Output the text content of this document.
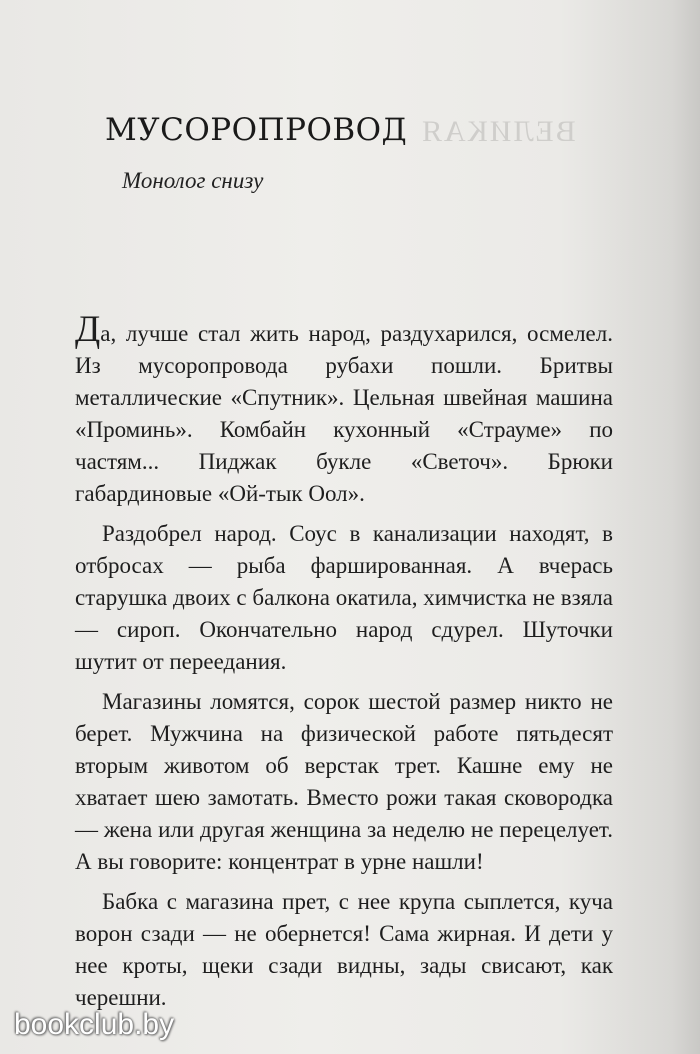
ВЕЛИКАЯ
МУСОРОПРОВОД
Монолог снизу

Да, лучше стал жить народ, раздухарился, осмелел. Из мусоропровода рубахи пошли. Бритвы металлические «Спутник». Цельная швейная машина «Проминь». Комбайн кухонный «Страуме» по частям... Пиджак букле «Светоч». Брюки габардиновые «Ой-тык Оол».

Раздобрел народ. Соус в канализации находят, в отбросах — рыба фаршированная. А вчерась старушка двоих с балкона окатила, химчистка не взяла — сироп. Окончательно народ сдурел. Шуточки шутит от переедания.

Магазины ломятся, сорок шестой размер никто не берет. Мужчина на физической работе пятьдесят вторым животом об верстак трет. Кашне ему не хватает шею замотать. Вместо рожи такая сковородка — жена или другая женщина за неделю не перецелует. А вы говорите: концентрат в урне нашли!

Бабка с магазина прет, с нее крупа сыплется, куча ворон сзади — не обернется! Сама жирная. И дети у нее кроты, щеки сзади видны, зады свисают, как черешни.

bookclub.by
